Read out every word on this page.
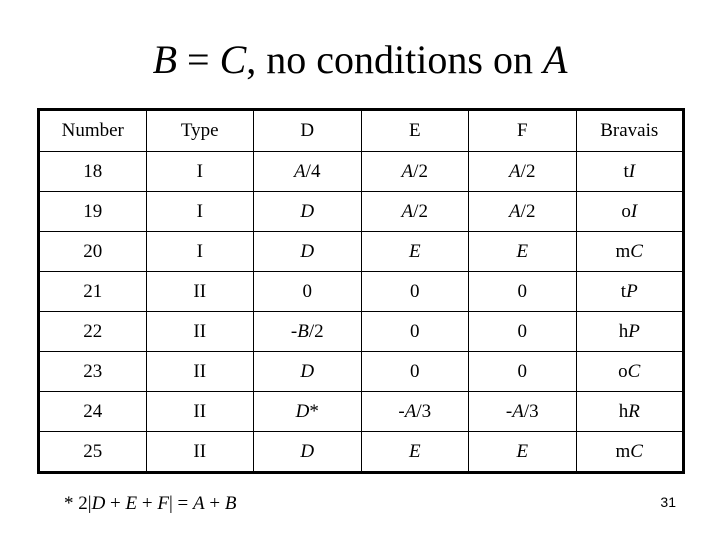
B = C, no conditions on A
Number	Type	D	E	F	Bravais
18	I	A/4	A/2	A/2	tI
19	I	D	A/2	A/2	oI
20	I	D	E	E	mC
21	II	0	0	0	tP
22	II	-B/2	0	0	hP
23	II	D	0	0	oC
24	II	D*	-A/3	-A/3	hR
25	II	D	E	E	mC
* 2|D + E + F| = A + B	31
